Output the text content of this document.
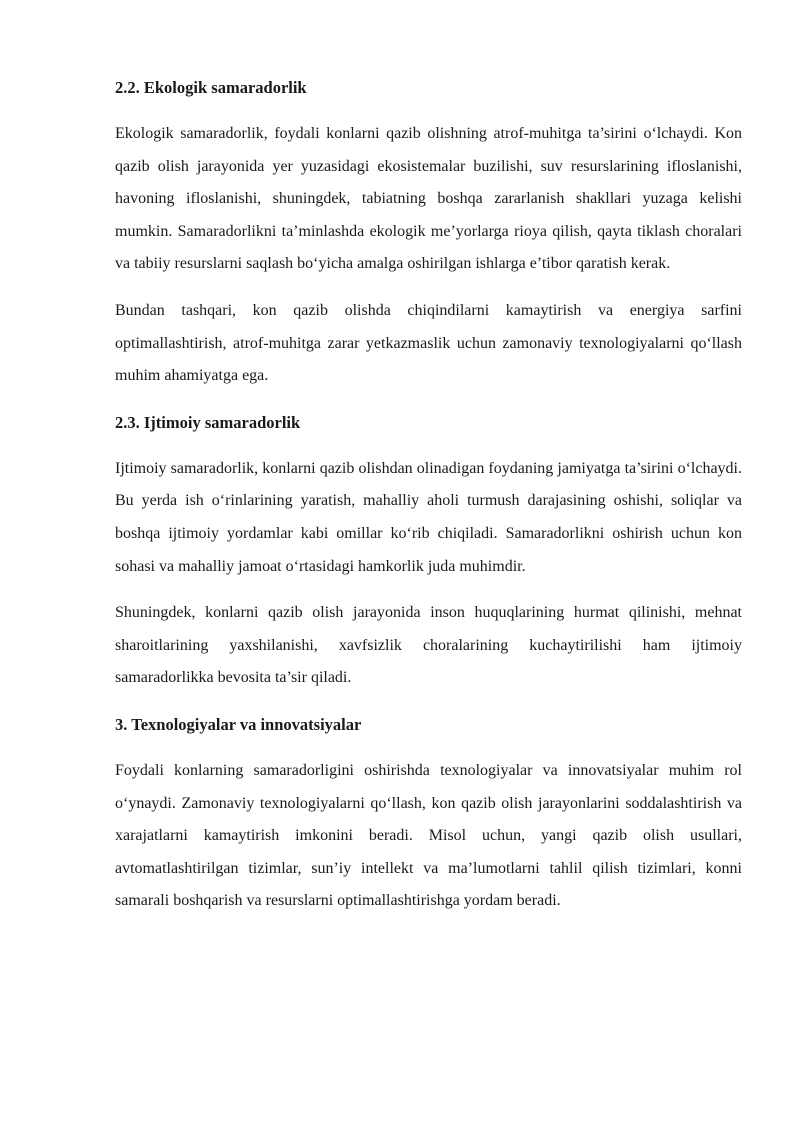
2.2. Ekologik samaradorlik

Ekologik samaradorlik, foydali konlarni qazib olishning atrof-muhitga ta’sirini o‘lchaydi. Kon qazib olish jarayonida yer yuzasidagi ekosistemalar buzilishi, suv resurslarining ifloslanishi, havoning ifloslanishi, shuningdek, tabiatning boshqa zararlanish shakllari yuzaga kelishi mumkin. Samaradorlikni ta’minlashda ekologik me’yorlarga rioya qilish, qayta tiklash choralari va tabiiy resurslarni saqlash bo‘yicha amalga oshirilgan ishlarga e’tibor qaratish kerak.

Bundan tashqari, kon qazib olishda chiqindilarni kamaytirish va energiya sarfini optimallashtirish, atrof-muhitga zarar yetkazmaslik uchun zamonaviy texnologiyalarni qo‘llash muhim ahamiyatga ega.

2.3. Ijtimoiy samaradorlik

Ijtimoiy samaradorlik, konlarni qazib olishdan olinadigan foydaning jamiyatga ta’sirini o‘lchaydi. Bu yerda ish o‘rinlarining yaratish, mahalliy aholi turmush darajasining oshishi, soliqlar va boshqa ijtimoiy yordamlar kabi omillar ko‘rib chiqiladi. Samaradorlikni oshirish uchun kon sohasi va mahalliy jamoat o‘rtasidagi hamkorlik juda muhimdir.

Shuningdek, konlarni qazib olish jarayonida inson huquqlarining hurmat qilinishi, mehnat sharoitlarining yaxshilanishi, xavfsizlik choralarining kuchaytirilishi ham ijtimoiy samaradorlikka bevosita ta’sir qiladi.

3. Texnologiyalar va innovatsiyalar

Foydali konlarning samaradorligini oshirishda texnologiyalar va innovatsiyalar muhim rol o‘ynaydi. Zamonaviy texnologiyalarni qo‘llash, kon qazib olish jarayonlarini soddalashtirish va xarajatlarni kamaytirish imkonini beradi. Misol uchun, yangi qazib olish usullari, avtomatlashtirilgan tizimlar, sun’iy intellekt va ma’lumotlarni tahlil qilish tizimlari, konni samarali boshqarish va resurslarni optimallashtirishga yordam beradi.
